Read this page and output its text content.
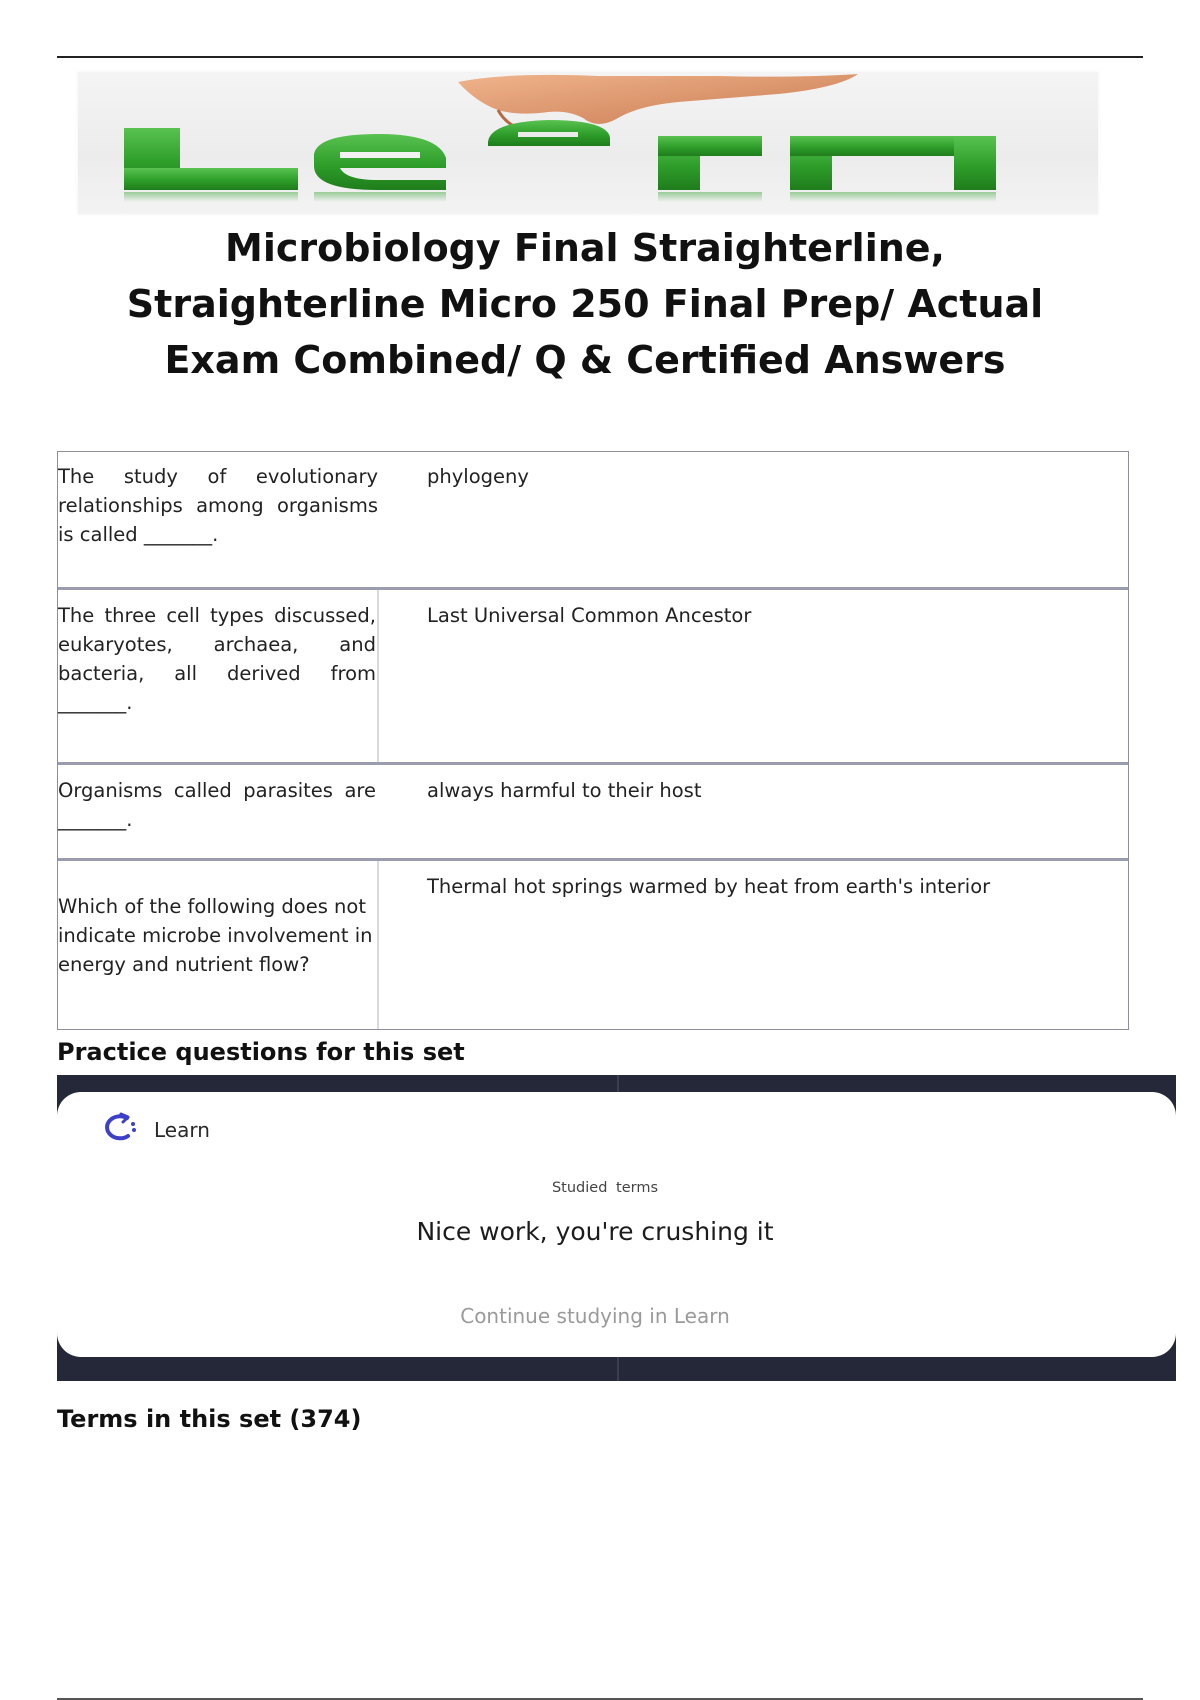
Microbiology Final Straighterline, Straighterline Micro 250 Final Prep/ Actual Exam Combined/ Q & Certified Answers
The study of evolutionary relationships among organisms is called _______.
phylogeny
The three cell types discussed, eukaryotes, archaea, and bacteria, all derived from _______.
Last Universal Common Ancestor
Organisms called parasites are _______.
always harmful to their host
Which of the following does not indicate microbe involvement in energy and nutrient flow?
Thermal hot springs warmed by heat from earth's interior
Practice questions for this set
Learn
Studied terms
Nice work, you're crushing it
Continue studying in Learn
Terms in this set (374)
